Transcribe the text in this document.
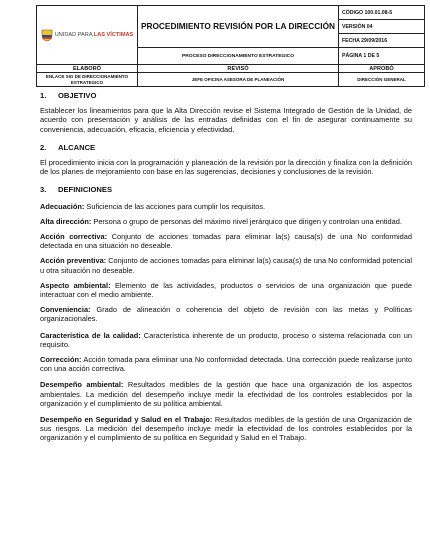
UNIDAD PARA LAS VÍCTIMAS	PROCEDIMIENTO REVISIÓN POR LA DIRECCIÓN	CÓDIGO 100.01.08-5
		VERSIÓN 04
		FECHA 29/09/2016
	PROCESO DIRECCIONAMIENTO ESTRATEGICO	PÁGINA 1 DE 5
ELABORÓ	REVISÓ	APROBÓ
ENLACE SIG DE DIRECCIONAMIENTO ESTRATEGICO	JEFE OFICINA ASESORA DE PLANEACIÓN	DIRECCIÓN GENERAL

1. OBJETIVO

Establecer los lineamientos para que la Alta Dirección revise el Sistema Integrado de Gestión de la Unidad, de acuerdo con presentación y análisis de las entradas definidas con el fin de asegurar continuamente su conveniencia, adecuación, eficacia, eficiencia y efectividad.

2. ALCANCE

El procedimiento inicia con la programación y planeación de la revisión por la dirección y finaliza con la definición de los planes de mejoramiento con base en las sugerencias, decisiones y conclusiones de la revisión.

3. DEFINICIONES

Adecuación: Suficiencia de las acciones para cumplir los requisitos.

Alta dirección: Persona o grupo de personas del máximo nivel jerárquico que dirigen y controlan una entidad.

Acción correctiva: Conjunto de acciones tomadas para eliminar la(s) causa(s) de una No conformidad detectada en una situación no deseable.

Acción preventiva: Conjunto de acciones tomadas para eliminar la(s) causa(s) de una No conformidad potencial u otra situación no deseable.

Aspecto ambiental: Elemento de las actividades, productos o servicios de una organización que puede interactuar con el medio ambiente.

Conveniencia: Grado de alineación o coherencia del objeto de revisión con las metas y Políticas organizacionales.

Característica de la calidad: Característica inherente de un producto, proceso o sistema relacionada con un requisito.

Corrección: Acción tomada para eliminar una No conformidad detectada. Una corrección puede realizarse junto con una acción correctiva.

Desempeño ambiental: Resultados medibles de la gestión que hace una organización de los aspectos ambientales. La medición del desempeño incluye medir la efectividad de los controles establecidos por la organización y el cumplimiento de su política ambiental.

Desempeño en Seguridad y Salud en el Trabajo: Resultados medibles de la gestión de una Organización de sus riesgos. La medición del desempeño incluye medir la efectividad de los controles establecidos por la organización y el cumplimiento de su política en Seguridad y Salud en el Trabajo.
